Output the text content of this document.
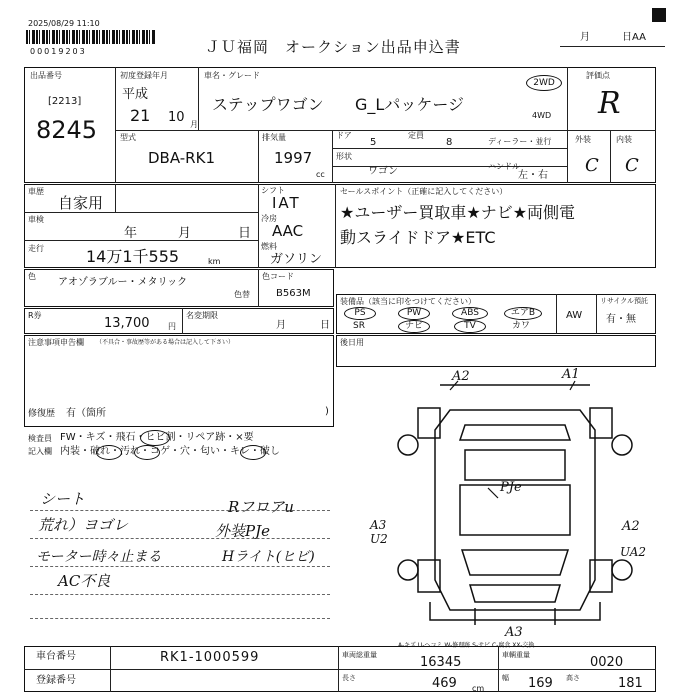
2025/08/29 11:10
00019203	ＪＵ福岡　オークション出品申込書
月	日AA
出品番号
[2213]
8245
初度登録年月
平成
21 10 月
車名・グレード
ステップワゴン G_Lパッケージ
2WD
4WD
型式
DBA-RK1
排気量
1997
cc
ドア
5
定員
8	ディーラー・並行
形状
ワゴン	ハンドル
左・右
評価点
R
外装	内装
C C
車歴
自家用
車検
年	月	日
走行	14万1千555	km
シフト
IAT
冷房
AAC
燃料
ガソリン
セールスポイント（正確に記入してください）
★ユーザー買取車★ナビ★両側電
動スライドドア★ETC
色
アオゾラブルー・メタリック
色コード
色替	B563M
R券
13,700 円
名変期限
月	日
装備品（該当に印をつけてください）
PS	PW	ABS	エアB
SR	ナビ	TV	カワ
AW
リサイクル預託
有・無
注意事項申告欄 （不具合・事故歴等がある場合は記入して下さい）
修復歴 有（箇所	)
後日用
検査員
記入欄
FW・キズ・飛石・ヒビ割・リペア跡・×要
内装・破れ・汚れ・コゲ・穴・匂い・キレ・破し
シート
荒れ）ヨゴレ
モーター時々止まる
AC不良
Rフロアu
外装PJe
Hライト(ヒビ)
A2	A1
PJe
A3
U2
A2
UA2
A3
A-キズ U-ヘコミ W-修理跡 S-サビ C-腐食 XX-交換
車台番号	RK1-1000599
登録番号
車両総重量	16345	車輌重量	0020
長さ	469 cm
幅 169 高さ	181
